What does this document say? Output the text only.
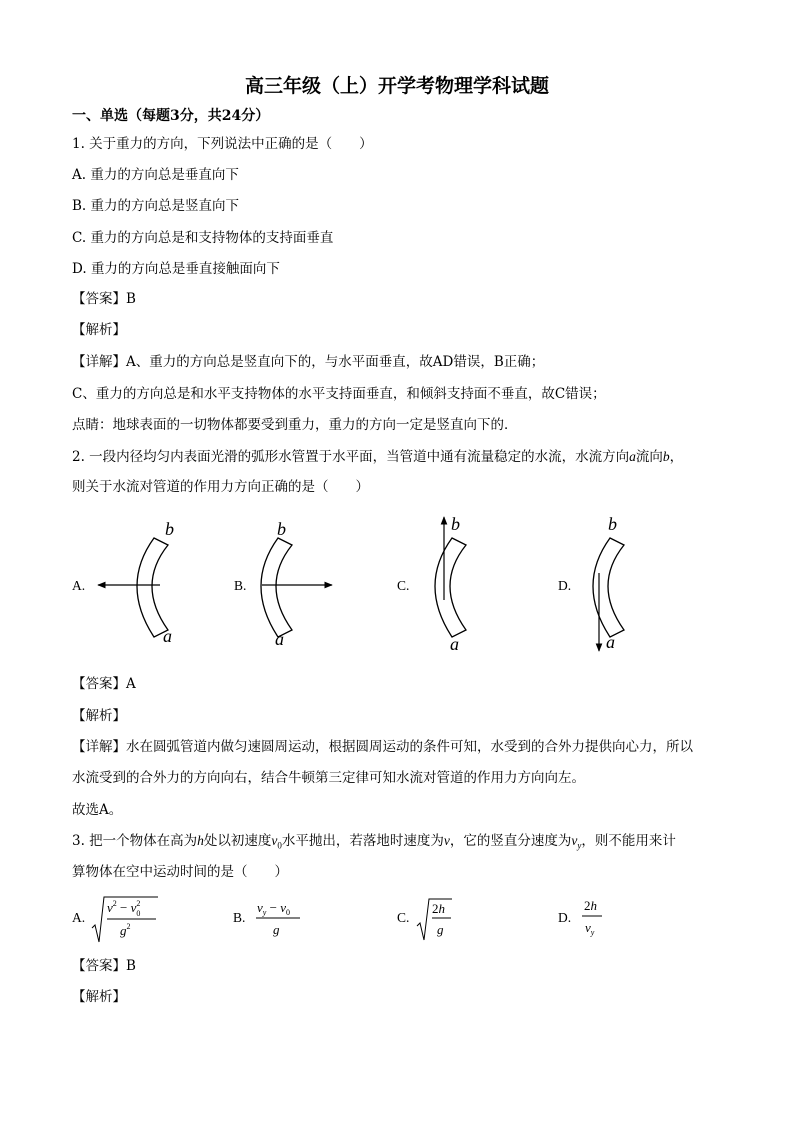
高三年级（上）开学考物理学科试题
一、单选（每题3分，共24分）
1. 关于重力的方向，下列说法中正确的是（　　）
A. 重力的方向总是垂直向下
B. 重力的方向总是竖直向下
C. 重力的方向总是和支持物体的支持面垂直
D. 重力的方向总是垂直接触面向下
【答案】B
【解析】
【详解】A、重力的方向总是竖直向下的，与水平面垂直，故AD错误，B正确；
C、重力的方向总是和水平支持物体的水平支持面垂直，和倾斜支持面不垂直，故C错误；
点睛：地球表面的一切物体都要受到重力，重力的方向一定是竖直向下的．
2. 一段内径均匀内表面光滑的弧形水管置于水平面，当管道中通有流量稳定的水流，水流方向a流向b，
则关于水流对管道的作用力方向正确的是（　　）
A.
b
a
B.
b
a
C.
b
a
D.
b
a
【答案】A
【解析】
【详解】水在圆弧管道内做匀速圆周运动，根据圆周运动的条件可知，水受到的合外力提供向心力，所以
水流受到的合外力的方向向右，结合牛顿第三定律可知水流对管道的作用力方向向左。
故选A。
3. 把一个物体在高为h处以初速度$v_0$水平抛出，若落地时速度为v，它的竖直分速度为$v_y$，则不能用来计
算物体在空中运动时间的是（　　）
A.
$v^2 - v^2$ 0
$g^2$
B.
$v_y - v_0$
g
C.
2h
g
D.
2h
$v_y$
【答案】B
【解析】
